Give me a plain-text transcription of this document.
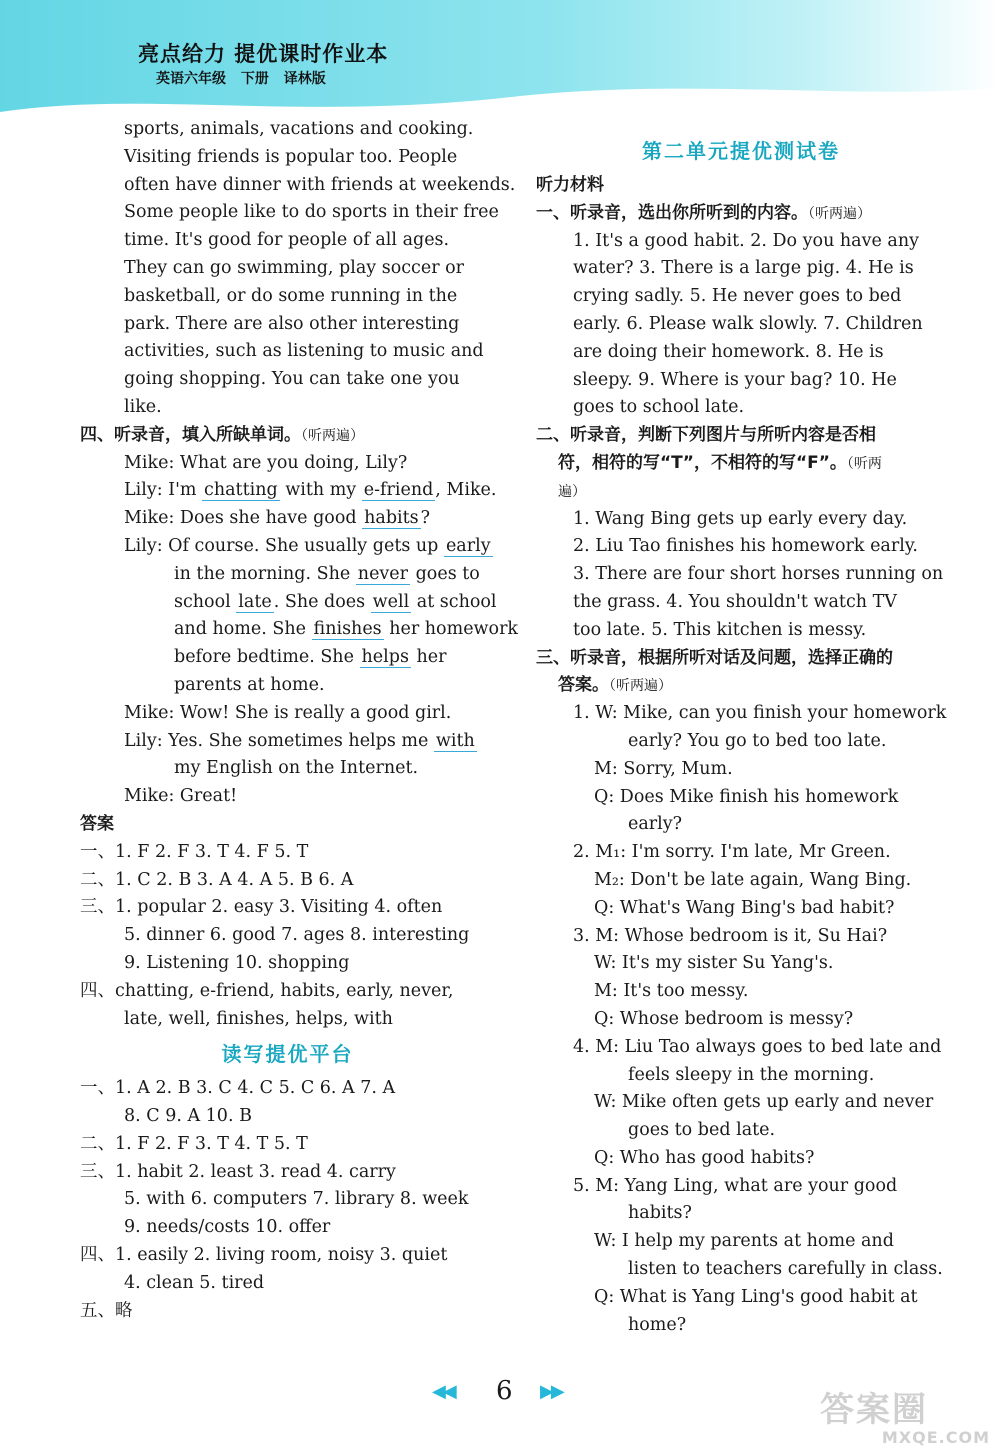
亮点给力 提优课时作业本
英语六年级 下册 译林版
sports, animals, vacations and cooking.
Visiting friends is popular too. People
often have dinner with friends at weekends.
Some people like to do sports in their free
time. It's good for people of all ages.
They can go swimming, play soccer or
basketball, or do some running in the
park. There are also other interesting
activities, such as listening to music and
going shopping. You can take one you
like.
四、听录音，填入所缺单词。（听两遍）
Mike: What are you doing, Lily?
Lily: I'm chatting with my e-friend , Mike.
Mike: Does she have good habits ?
Lily: Of course. She usually gets up early
in the morning. She never goes to
school late . She does well at school
and home. She finishes her homework
before bedtime. She helps her
parents at home.
Mike: Wow! She is really a good girl.
Lily: Yes. She sometimes helps me with
my English on the Internet.
Mike: Great!
答案
一、1. F 2. F 3. T 4. F 5. T
二、1. C 2. B 3. A 4. A 5. B 6. A
三、1. popular 2. easy 3. Visiting 4. often
5. dinner 6. good 7. ages 8. interesting
9. Listening 10. shopping
四、chatting, e-friend, habits, early, never,
late, well, finishes, helps, with
读写提优平台
一、1. A 2. B 3. C 4. C 5. C 6. A 7. A
8. C 9. A 10. B
二、1. F 2. F 3. T 4. T 5. T
三、1. habit 2. least 3. read 4. carry
5. with 6. computers 7. library 8. week
9. needs/costs 10. offer
四、1. easily 2. living room, noisy 3. quiet
4. clean 5. tired
五、略
第二单元提优测试卷
听力材料
一、听录音，选出你所听到的内容。（听两遍）
1. It's a good habit. 2. Do you have any
water? 3. There is a large pig. 4. He is
crying sadly. 5. He never goes to bed
early. 6. Please walk slowly. 7. Children
are doing their homework. 8. He is
sleepy. 9. Where is your bag? 10. He
goes to school late.
二、听录音，判断下列图片与所听内容是否相
符，相符的写“T”，不相符的写“F”。（听两
遍）
1. Wang Bing gets up early every day.
2. Liu Tao finishes his homework early.
3. There are four short horses running on
the grass. 4. You shouldn't watch TV
too late. 5. This kitchen is messy.
三、听录音，根据所听对话及问题，选择正确的
答案。（听两遍）
1. W: Mike, can you finish your homework
early? You go to bed too late.
M: Sorry, Mum.
Q: Does Mike finish his homework
early?
2. M₁: I'm sorry. I'm late, Mr Green.
M₂: Don't be late again, Wang Bing.
Q: What's Wang Bing's bad habit?
3. M: Whose bedroom is it, Su Hai?
W: It's my sister Su Yang's.
M: It's too messy.
Q: Whose bedroom is messy?
4. M: Liu Tao always goes to bed late and
feels sleepy in the morning.
W: Mike often gets up early and never
goes to bed late.
Q: Who has good habits?
5. M: Yang Ling, what are your good
habits?
W: I help my parents at home and
listen to teachers carefully in class.
Q: What is Yang Ling's good habit at
home?
◀◀ 6 ▶▶	答案圈
MXQE.COM
